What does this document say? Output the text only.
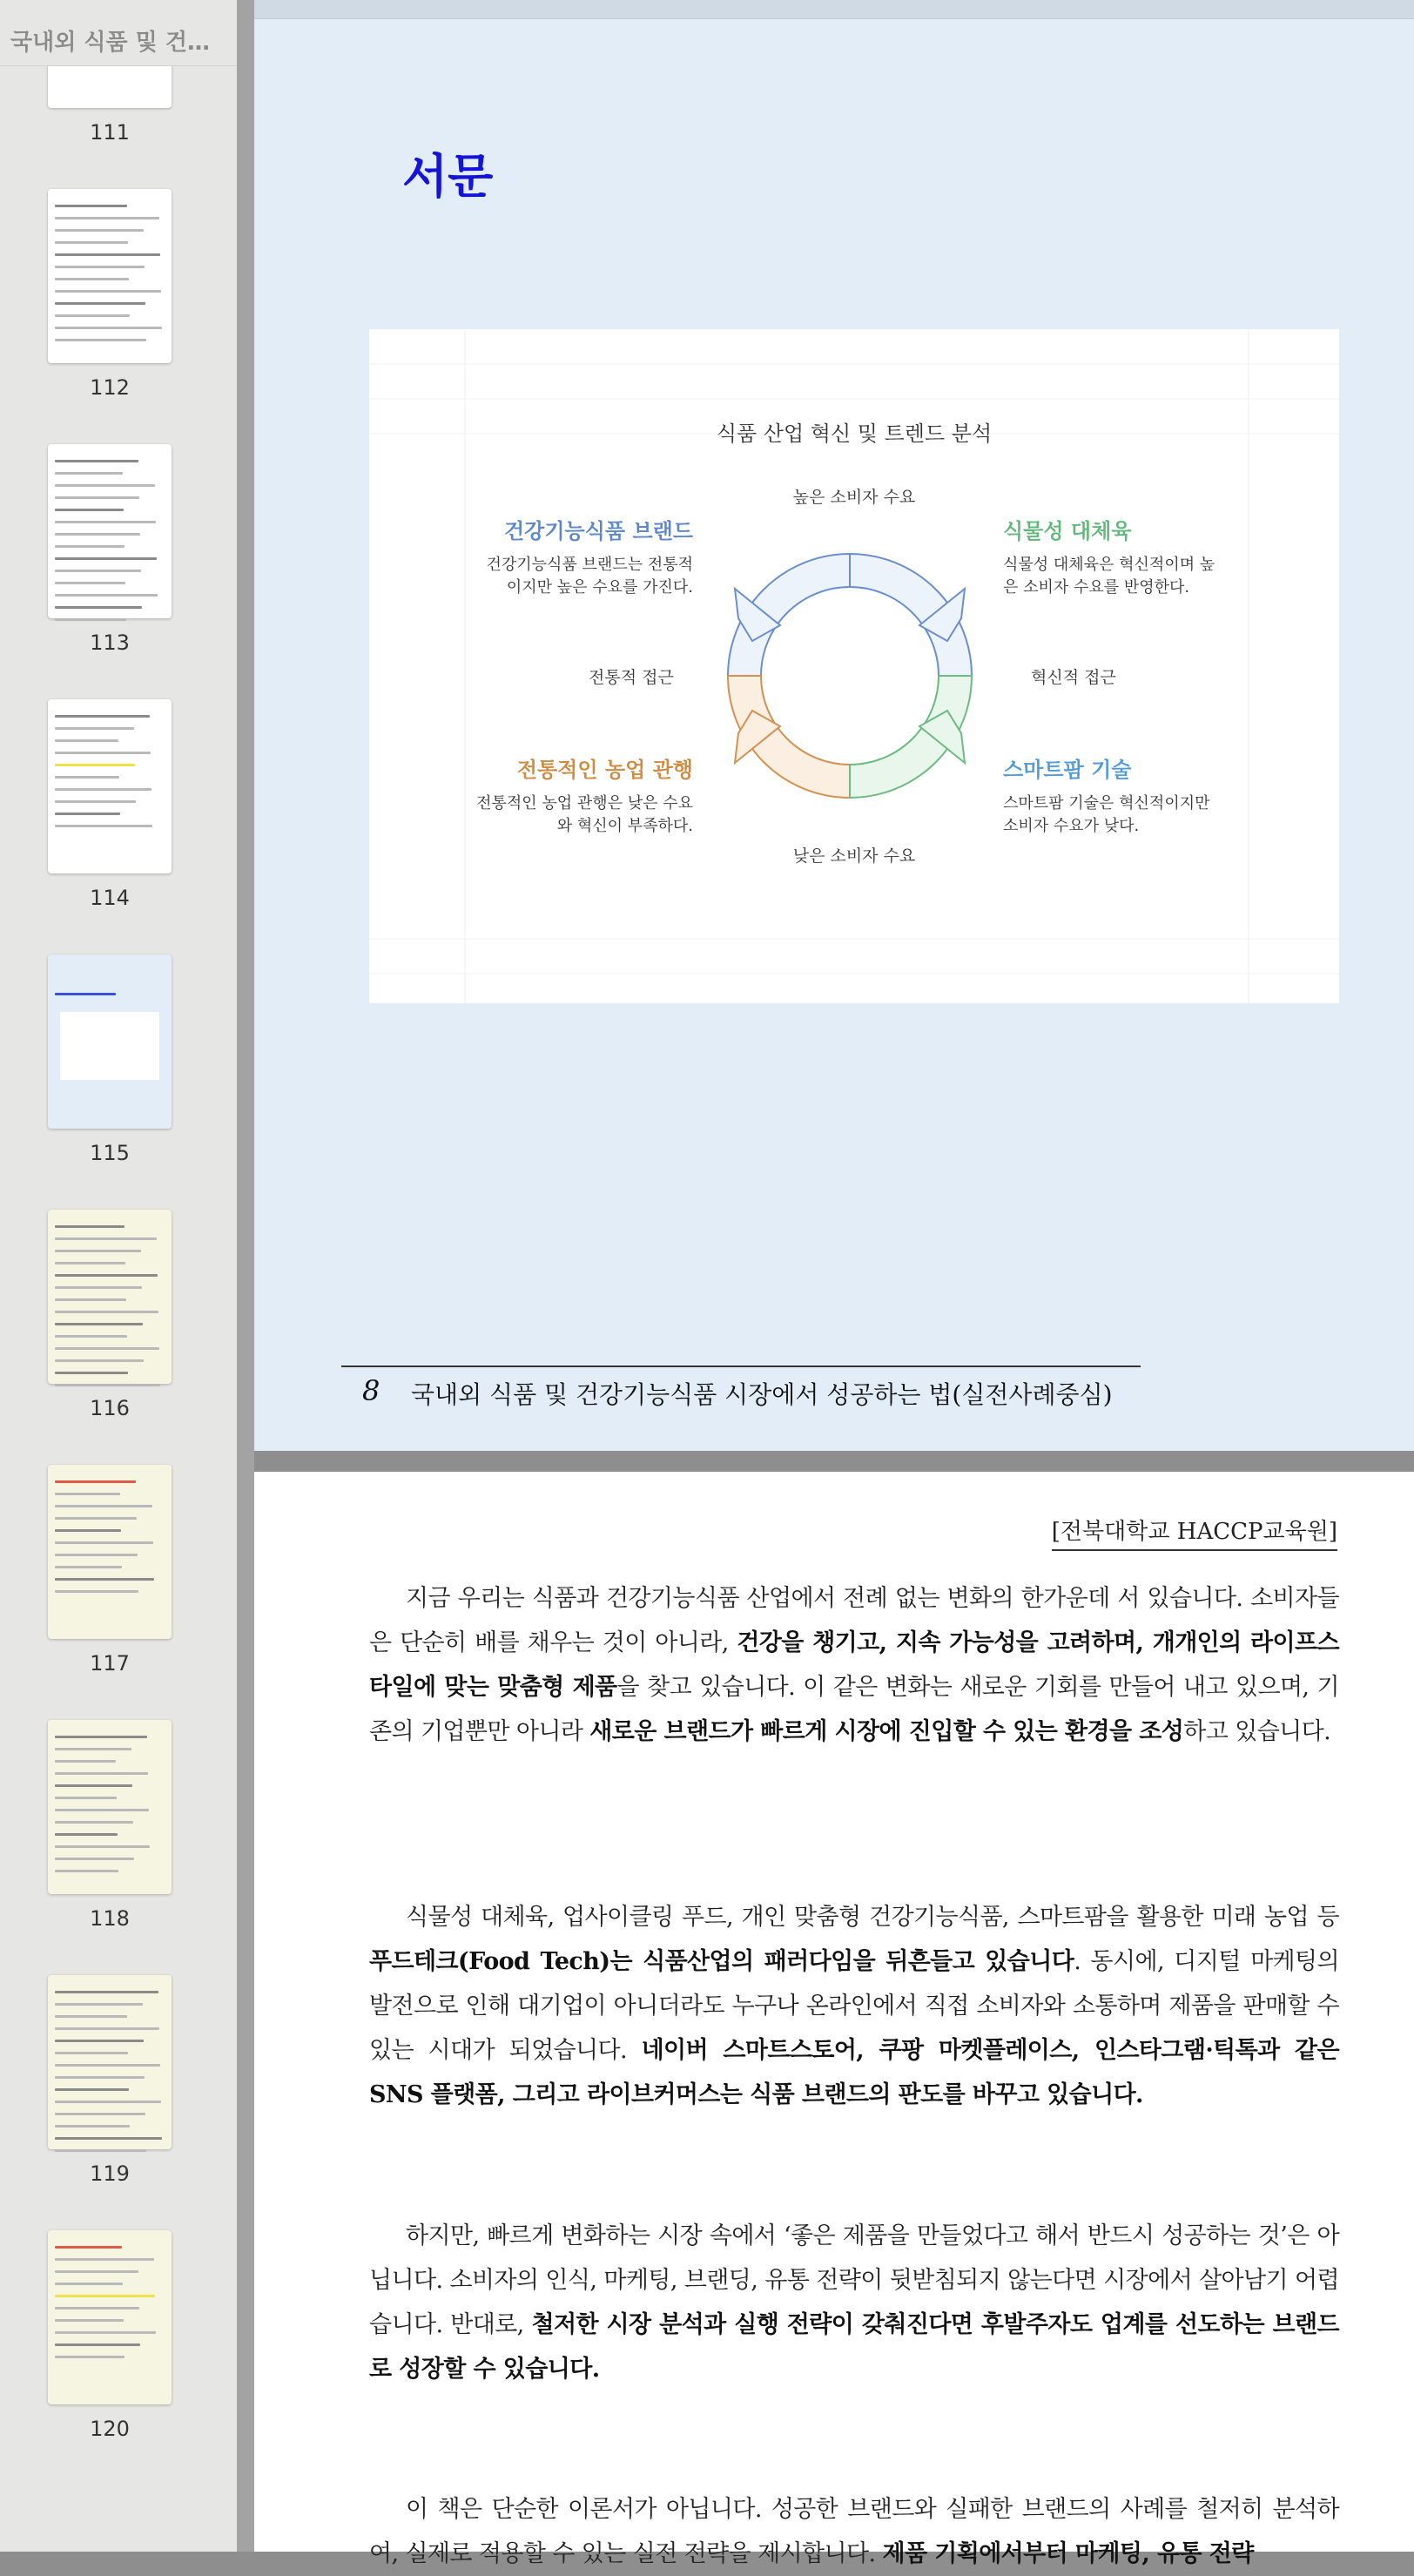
국내외 식품 및 건…
111
112
113
114
115
116
117
118
119
120
서문
식품 산업 혁신 및 트렌드 분석
높은 소비자 수요
낮은 소비자 수요
전통적 접근	혁신적 접근
건강기능식품 브랜드
건강기능식품 브랜드는 전통적이지만 높은 수요를 가진다.
식물성 대체육
식물성 대체육은 혁신적이며 높은 소비자 수요를 반영한다.
전통적인 농업 관행
전통적인 농업 관행은 낮은 수요와 혁신이 부족하다.
스마트팜 기술
스마트팜 기술은 혁신적이지만 소비자 수요가 낮다.
8 국내외 식품 및 건강기능식품 시장에서 성공하는 법(실전사례중심)
[전북대학교 HACCP교육원]
지금 우리는 식품과 건강기능식품 산업에서 전례 없는 변화의 한가운데 서 있습니다. 소비자들은 단순히 배를 채우는 것이 아니라, 건강을 챙기고, 지속 가능성을 고려하며, 개개인의 라이프스타일에 맞는 맞춤형 제품을 찾고 있습니다. 이 같은 변화는 새로운 기회를 만들어 내고 있으며, 기존의 기업뿐만 아니라 새로운 브랜드가 빠르게 시장에 진입할 수 있는 환경을 조성하고 있습니다.
식물성 대체육, 업사이클링 푸드, 개인 맞춤형 건강기능식품, 스마트팜을 활용한 미래 농업 등 푸드테크(Food Tech)는 식품산업의 패러다임을 뒤흔들고 있습니다. 동시에, 디지털 마케팅의 발전으로 인해 대기업이 아니더라도 누구나 온라인에서 직접 소비자와 소통하며 제품을 판매할 수 있는 시대가 되었습니다. 네이버 스마트스토어, 쿠팡 마켓플레이스, 인스타그램·틱톡과 같은 SNS 플랫폼, 그리고 라이브커머스는 식품 브랜드의 판도를 바꾸고 있습니다.
하지만, 빠르게 변화하는 시장 속에서 ‘좋은 제품을 만들었다고 해서 반드시 성공하는 것’은 아닙니다. 소비자의 인식, 마케팅, 브랜딩, 유통 전략이 뒷받침되지 않는다면 시장에서 살아남기 어렵습니다. 반대로, 철저한 시장 분석과 실행 전략이 갖춰진다면 후발주자도 업계를 선도하는 브랜드로 성장할 수 있습니다.
이 책은 단순한 이론서가 아닙니다. 성공한 브랜드와 실패한 브랜드의 사례를 철저히 분석하여, 실제로 적용할 수 있는 실전 전략을 제시합니다. 제품 기획에서부터 마케팅, 유통 전략
